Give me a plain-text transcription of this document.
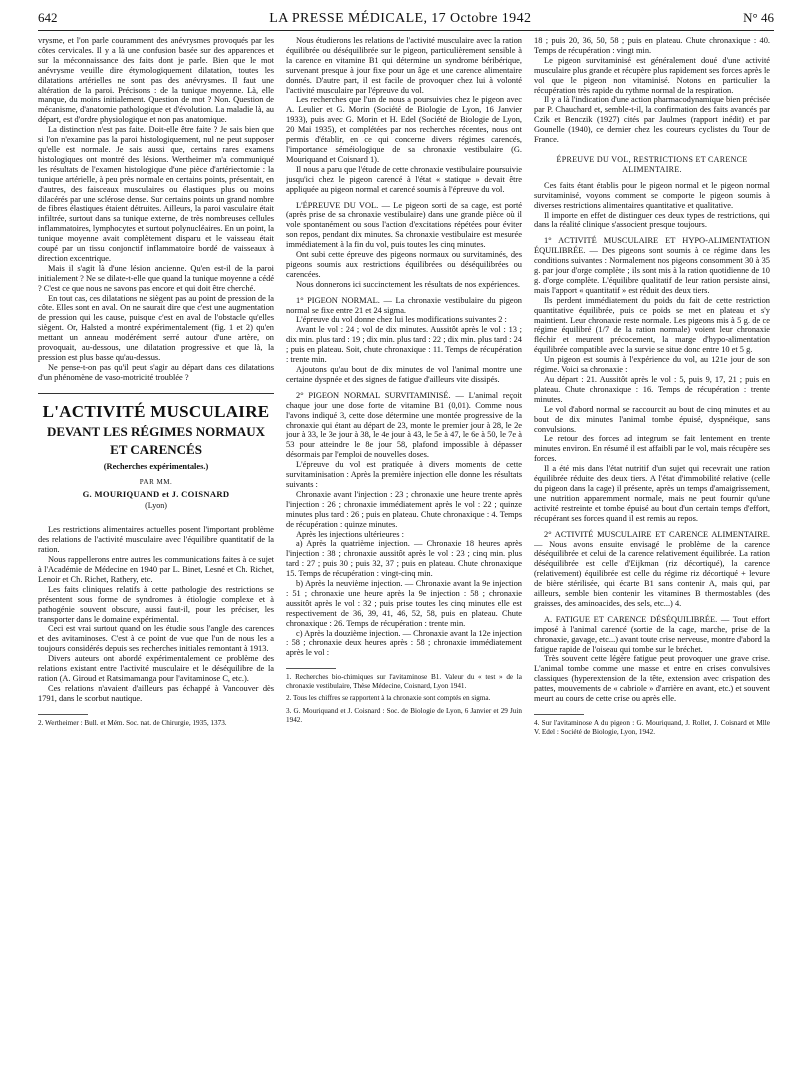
642	LA PRESSE MÉDICALE, 17 Octobre 1942	N° 46

vrysme, et l'on parle couramment des anévrysmes provoqués par les côtes cervicales. Il y a là une confusion basée sur des apparences et sur la méconnaissance des faits dont je parle. Bien que le mot anévrysme veuille dire étymologiquement dilatation, toutes les dilatations artérielles ne sont pas des anévrysmes. Il faut une altération de la paroi. Précisons : de la tunique moyenne. Là, elle manque, du moins initialement. Question de mot ? Non. Question de mécanisme, d'anatomie pathologique et d'évolution. La maladie là, au départ, est d'ordre physiologique et non pas anatomique.

La distinction n'est pas faite. Doit-elle être faite ? Je sais bien que si l'on n'examine pas la paroi histologiquement, nul ne peut supposer qu'elle est normale. Je sais aussi que, certains rares examens histologiques ont montré des lésions. Wertheimer m'a communiqué les résultats de l'examen histologique d'une pièce d'artériectomie : la tunique artérielle, à peu près normale en certains points, présentait, en d'autres, des faisceaux musculaires ou élastiques plus ou moins dilacérés par une sclérose dense. Sur certains points un grand nombre de fibres élastiques étaient détruites. Ailleurs, la paroi vasculaire était infiltrée, surtout dans sa tunique externe, de très nombreuses cellules inflammatoires, lymphocytes et surtout polynucléaires. En un point, la tunique moyenne avait complètement disparu et le vaisseau était coupé par un tissu conjonctif inflammatoire bordé de vaisseaux à direction excentrique.

Mais il s'agit là d'une lésion ancienne. Qu'en est-il de la paroi initialement ? Ne se dilate-t-elle que quand la tunique moyenne a cédé ? C'est ce que nous ne savons pas encore et qui doit être cherché.

En tout cas, ces dilatations ne siègent pas au point de pression de la côte. Elles sont en aval. On ne saurait dire que c'est une augmentation de pression qui les cause, puisque c'est en aval de l'obstacle qu'elles siègent. Or, Halsted a montré expérimentalement (fig. 1 et 2) qu'en mettant un anneau modérément serré autour d'une artère, on provoquait, au-dessous, une dilatation progressive et que là, la pression est plus basse qu'au-dessus.

Ne pense-t-on pas qu'il peut s'agir au départ dans ces dilatations d'un phénomène de vaso-motricité troublée ?

L'ACTIVITÉ MUSCULAIRE
DEVANT LES RÉGIMES NORMAUX
ET CARENCÉS
(Recherches expérimentales.)
PAR MM.
G. MOURIQUAND et J. COISNARD
(Lyon)

Les restrictions alimentaires actuelles posent l'important problème des relations de l'activité musculaire avec l'équilibre quantitatif de la ration.

Nous rappellerons entre autres les communications faites à ce sujet à l'Académie de Médecine en 1940 par L. Binet, Lesné et Ch. Richet, Lenoir et Ch. Richet, Rathery, etc.

Les faits cliniques relatifs à cette pathologie des restrictions se présentent sous forme de syndromes à étiologie complexe et à pathogénie souvent obscure, aussi faut-il, pour les préciser, les transporter dans le domaine expérimental.

Ceci est vrai surtout quand on les étudie sous l'angle des carences et des avitaminoses. C'est à ce point de vue que l'un de nous les a toujours considérés depuis ses recherches initiales remontant à 1913.

Divers auteurs ont abordé expérimentalement ce problème des relations existant entre l'activité musculaire et le déséquilibre de la ration (A. Giroud et Ratsimamanga pour l'avitaminose C, etc.).

Ces relations n'avaient d'ailleurs pas échappé à Vancouver dès 1791, dans le scorbut nautique.

2. Wertheimer : Bull. et Mém. Soc. nat. de Chirurgie, 1935, 1373.

Nous étudierons les relations de l'activité musculaire avec la ration équilibrée ou déséquilibrée sur le pigeon, particulièrement sensible à la carence en vitamine B1 qui détermine un syndrome béribérique, survenant presque à jour fixe pour un âge et une carence alimentaire donnés. D'autre part, il est facile de provoquer chez lui à volonté l'activité musculaire par l'épreuve du vol.

Les recherches que l'un de nous a poursuivies chez le pigeon avec A. Leulier et G. Morin (Société de Biologie de Lyon, 16 Janvier 1933), puis avec G. Morin et H. Edel (Société de Biologie de Lyon, 20 Mai 1935), et complétées par nos recherches récentes, nous ont permis d'établir, en ce qui concerne divers régimes carencés, l'importance séméiologique de sa chronaxie vestibulaire (G. Mouriquand et Coisnard 1).

Il nous a paru que l'étude de cette chronaxie vestibulaire poursuivie jusqu'ici chez le pigeon carencé à l'état « statique » devait être appliquée au pigeon normal et carencé soumis à l'épreuve du vol.

L'ÉPREUVE DU VOL. — Le pigeon sorti de sa cage, est porté (après prise de sa chronaxie vestibulaire) dans une grande pièce où il vole spontanément ou sous l'action d'excitations répétées pour éviter son repos, pendant dix minutes. Sa chronaxie vestibulaire est mesurée immédiatement à la fin du vol, puis toutes les cinq minutes.

Ont subi cette épreuve des pigeons normaux ou survitaminés, des pigeons soumis aux restrictions équilibrées ou déséquilibrées ou carencées.

Nous donnerons ici succinctement les résultats de nos expériences.

1° PIGEON NORMAL. — La chronaxie vestibulaire du pigeon normal se fixe entre 21 et 24 sigma.

L'épreuve du vol donne chez lui les modifications suivantes 2 :

Avant le vol : 24 ; vol de dix minutes. Aussitôt après le vol : 13 ; dix min. plus tard : 19 ; dix min. plus tard : 22 ; dix min. plus tard : 24 ; puis en plateau. Soit, chute chronaxique : 11. Temps de récupération : trente min.

Ajoutons qu'au bout de dix minutes de vol l'animal montre une certaine dyspnée et des signes de fatigue d'ailleurs vite dissipés.

2° PIGEON NORMAL SURVITAMINISÉ. — L'animal reçoit chaque jour une dose forte de vitamine B1 (0,01). Comme nous l'avons indiqué 3, cette dose détermine une montée progressive de la chronaxie qui étant au départ de 23, monte le premier jour à 28, le 2e jour à 33, le 3e jour à 38, le 4e jour à 43, le 5e à 47, le 6e à 50, le 7e à 53 pour atteindre le 8e jour 58, plafond impossible à dépasser désormais par l'emploi de nouvelles doses.

L'épreuve du vol est pratiquée à divers moments de cette survitaminisation : Après la première injection elle donne les résultats suivants :

Chronaxie avant l'injection : 23 ; chronaxie une heure trente après l'injection : 26 ; chronaxie immédiatement après le vol : 22 ; quinze minutes plus tard : 26 ; puis en plateau. Chute chronaxique : 4. Temps de récupération : quinze minutes.

Après les injections ultérieures :

a) Après la quatrième injection. — Chronaxie 18 heures après l'injection : 38 ; chronaxie aussitôt après le vol : 23 ; cinq min. plus tard : 27 ; puis 30 ; puis 32, 37 ; puis en plateau. Chute chronaxique 15. Temps de récupération : vingt-cinq min.

b) Après la neuvième injection. — Chronaxie avant la 9e injection : 51 ; chronaxie une heure après la 9e injection : 58 ; chronaxie aussitôt après le vol : 32 ; puis prise toutes les cinq minutes elle est respectivement de 36, 39, 41, 46, 52, 58, puis en plateau. Chute chronaxique : 26. Temps de récupération : trente min.

c) Après la douzième injection. — Chronaxie avant la 12e injection : 58 ; chronaxie deux heures après : 58 ; chronaxie immédiatement après le vol :

1. Recherches bio-chimiques sur l'avitaminose B1. Valeur du « test » de la chronaxie vestibulaire, Thèse Médecine, Coisnard, Lyon 1941.
2. Tous les chiffres se rapportent à la chronaxie sont comptés en sigma.
3. G. Mouriquand et J. Coisnard : Soc. de Biologie de Lyon, 6 Janvier et 29 Juin 1942.

18 ; puis 20, 36, 50, 58 ; puis en plateau. Chute chronaxique : 40. Temps de récupération : vingt min.

Le pigeon survitaminisé est généralement doué d'une activité musculaire plus grande et récupère plus rapidement ses forces après le vol que le pigeon non vitaminisé. Notons en particulier la récupération très rapide du rythme normal de la respiration.

Il y a là l'indication d'une action pharmacodynamique bien précisée par P. Chauchard et, semble-t-il, la confirmation des faits avancés par Czik et Benczik (1927) cités par Jaulmes (rapport inédit) et par Gounelle (1940), ce dernier chez les coureurs cyclistes du Tour de France.

ÉPREUVE DU VOL, RESTRICTIONS ET CARENCE ALIMENTAIRE.

Ces faits étant établis pour le pigeon normal et le pigeon normal survitaminisé, voyons comment se comporte le pigeon soumis à diverses restrictions alimentaires quantitative et qualitative.

Il importe en effet de distinguer ces deux types de restrictions, qui dans la réalité clinique s'associent presque toujours.

1° ACTIVITÉ MUSCULAIRE ET HYPO-ALIMENTATION ÉQUILIBRÉE. — Des pigeons sont soumis à ce régime dans les conditions suivantes : Normalement nos pigeons consomment 30 à 35 g. par jour d'orge complète ; ils sont mis à la ration quotidienne de 10 g. d'orge complète. L'équilibre qualitatif de leur ration persiste ainsi, mais l'apport « quantitatif » est réduit des deux tiers.

Ils perdent immédiatement du poids du fait de cette restriction quantitative équilibrée, puis ce poids se met en plateau et s'y maintient. Leur chronaxie reste normale. Les pigeons mis à 5 g. de ce régime équilibré (1/7 de la ration normale) voient leur chronaxie fléchir et meurent précocement, la marge d'hypo-alimentation équilibrée compatible avec la survie se situe donc entre 10 et 5 g.

Un pigeon est soumis à l'expérience du vol, au 121e jour de son régime. Voici sa chronaxie :

Au départ : 21. Aussitôt après le vol : 5, puis 9, 17, 21 ; puis en plateau. Chute chronaxique : 16. Temps de récupération : trente minutes.

Le vol d'abord normal se raccourcit au bout de cinq minutes et au bout de dix minutes l'animal tombe épuisé, dyspnéique, sans convulsions.

Le retour des forces ad integrum se fait lentement en trente minutes environ. En résumé il est affaibli par le vol, mais récupère ses forces.

Il a été mis dans l'état nutritif d'un sujet qui recevrait une ration équilibrée réduite des deux tiers. A l'état d'immobilité relative (celle du pigeon dans la cage) il présente, après un temps d'amaigrissement, une nutrition apparemment normale, mais ne peut fournir qu'une activité restreinte et tombe épuisé au bout d'un certain temps d'effort, récupérant ses forces quand il est remis au repos.

2° ACTIVITÉ MUSCULAIRE ET CARENCE ALIMENTAIRE. — Nous avons ensuite envisagé le problème de la carence déséquilibrée et celui de la carence relativement équilibrée. La ration déséquilibrée est celle d'Eijkman (riz décortiqué), la carence (relativement) équilibrée est celle du régime riz décortiqué + levure de bière stérilisée, qui écarte B1 sans contenir A, mais qui, par ailleurs, semble bien contenir les vitamines B thermostables (des graisses, des aminoacides, des sels, etc...) 4.

A. FATIGUE ET CARENCE DÉSÉQUILIBRÉE. — Tout effort imposé à l'animal carencé (sortie de la cage, marche, prise de la chronaxie, gavage, etc...) avant toute crise nerveuse, montre d'abord la fatigue rapide de l'oiseau qui tombe sur le bréchet.

Très souvent cette légère fatigue peut provoquer une grave crise. L'animal tombe comme une masse et entre en crises convulsives classiques (hyperextension de la tête, extension avec crispation des pattes, mouvements de « cabriole » d'arrière en avant, etc.) et souvent meurt au cours de cette crise ou après elle.

4. Sur l'avitaminose A du pigeon : G. Mouriquand, J. Rollet, J. Coisnard et Mlle V. Edel : Société de Biologie, Lyon, 1942.
